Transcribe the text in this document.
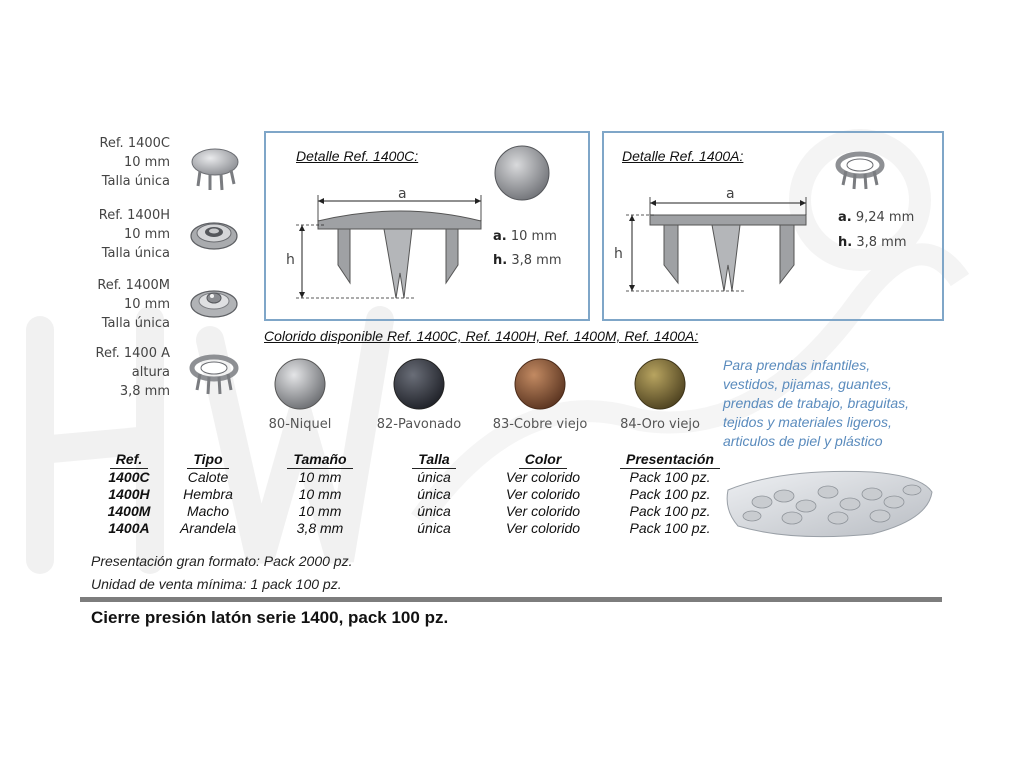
Ref. 1400C
10 mm
Talla única
Ref. 1400H
10 mm
Talla única
Ref. 1400M
10 mm
Talla única
Ref. 1400 A
altura
3,8 mm
Detalle Ref. 1400C:
a
h
a. 10 mm
h. 3,8 mm
Detalle Ref. 1400A:
a
h
a. 9,24 mm
h. 3,8 mm
Colorido disponible Ref. 1400C, Ref. 1400H, Ref. 1400M, Ref. 1400A:
80-Niquel	82-Pavonado	83-Cobre viejo	84-Oro viejo
Para prendas infantiles,
vestidos, pijamas, guantes,
prendas de trabajo, braguitas,
tejidos y materiales ligeros,
articulos de piel y plástico
Ref.	Tipo	Tamaño	Talla	Color	Presentación
1400C	Calote	10 mm	única	Ver colorido	Pack 100 pz.
1400H	Hembra	10 mm	única	Ver colorido	Pack 100 pz.
1400M	Macho	10 mm	única	Ver colorido	Pack 100 pz.
1400A	Arandela	3,8 mm	única	Ver colorido	Pack 100 pz.
Presentación gran formato: Pack 2000 pz.
Unidad de venta mínima: 1 pack 100 pz.
Cierre presión latón serie 1400, pack 100 pz.
